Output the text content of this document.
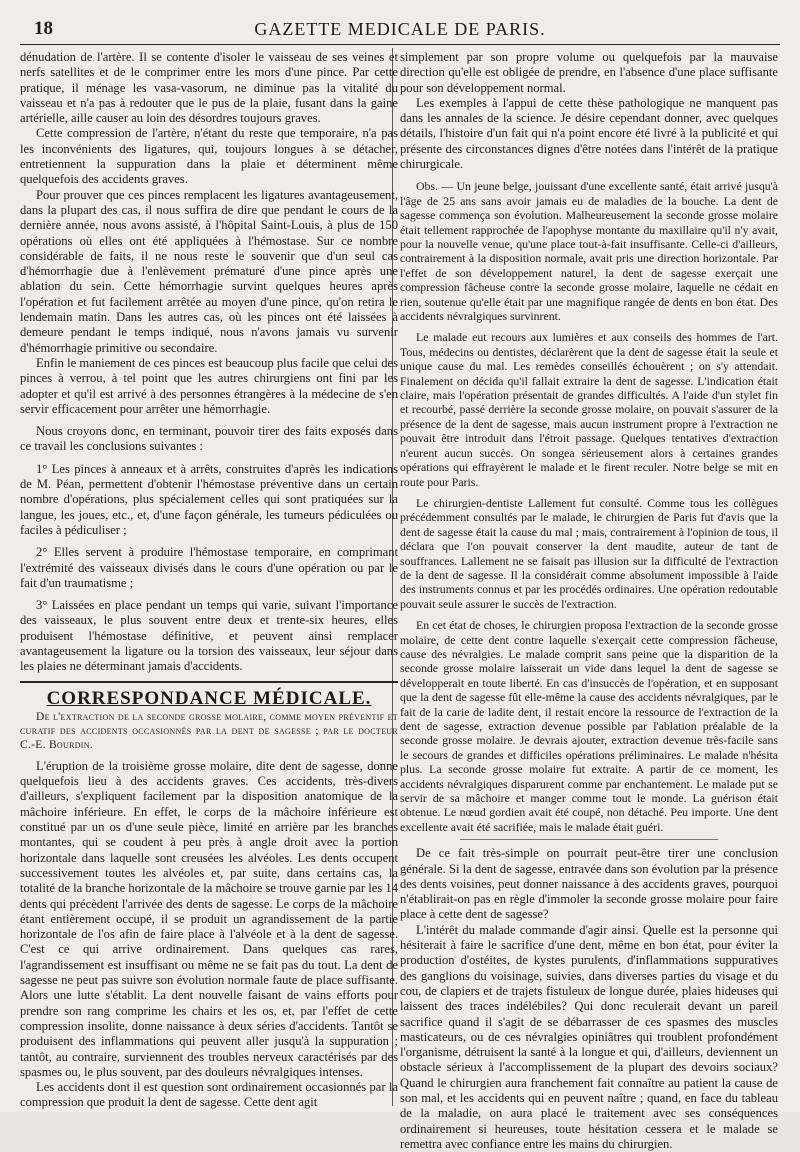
18	GAZETTE MEDICALE DE PARIS.

dénudation de l'artère. Il se contente d'isoler le vaisseau de ses veines et nerfs satellites et de le comprimer entre les mors d'une pince. Par cette pratique, il ménage les vasa-vasorum, ne diminue pas la vitalité du vaisseau et n'a pas à redouter que le pus de la plaie, fusant dans la gaine artérielle, aille causer au loin des désordres toujours graves.

Cette compression de l'artère, n'étant du reste que temporaire, n'a pas les inconvénients des ligatures, qui, toujours longues à se détacher, entretiennent la suppuration dans la plaie et déterminent même quelquefois des accidents graves.

Pour prouver que ces pinces remplacent les ligatures avantageusement, dans la plupart des cas, il nous suffira de dire que pendant le cours de la dernière année, nous avons assisté, à l'hôpital Saint-Louis, à plus de 150 opérations où elles ont été appliquées à l'hémostase. Sur ce nombre considérable de faits, il ne nous reste le souvenir que d'un seul cas d'hémorrhagie due à l'enlèvement prématuré d'une pince après une ablation du sein. Cette hémorrhagie survint quelques heures après l'opération et fut facilement arrêtée au moyen d'une pince, qu'on retira le lendemain matin. Dans les autres cas, où les pinces ont été laissées à demeure pendant le temps indiqué, nous n'avons jamais vu survenir d'hémorrhagie primitive ou secondaire.

Enfin le maniement de ces pinces est beaucoup plus facile que celui des pinces à verrou, à tel point que les autres chirurgiens ont fini par les adopter et qu'il est arrivé à des personnes étrangères à la médecine de s'en servir efficacement pour arrêter une hémorrhagie.

Nous croyons donc, en terminant, pouvoir tirer des faits exposés dans ce travail les conclusions suivantes :

1° Les pinces à anneaux et à arrêts, construites d'après les indications de M. Péan, permettent d'obtenir l'hémostase préventive dans un certain nombre d'opérations, plus spécialement celles qui sont pratiquées sur la langue, les joues, etc., et, d'une façon générale, les tumeurs pédiculées ou faciles à pédiculiser ;

2° Elles servent à produire l'hémostase temporaire, en comprimant l'extrémité des vaisseaux divisés dans le cours d'une opération ou par le fait d'un traumatisme ;

3° Laissées en place pendant un temps qui varie, suivant l'importance des vaisseaux, le plus souvent entre deux et trente-six heures, elles produisent l'hémostase définitive, et peuvent ainsi remplacer avantageusement la ligature ou la torsion des vaisseaux, leur séjour dans les plaies ne déterminant jamais d'accidents.

CORRESPONDANCE MÉDICALE.
De l'extraction de la seconde grosse molaire, comme moyen préventif et curatif des accidents occasionnés par la dent de sagesse ; par le docteur C.-E. Bourdin.

L'éruption de la troisième grosse molaire, dite dent de sagesse, donne quelquefois lieu à des accidents graves. Ces accidents, très-divers d'ailleurs, s'expliquent facilement par la disposition anatomique de la mâchoire inférieure. En effet, le corps de la mâchoire inférieure est constitué par un os d'une seule pièce, limité en arrière par les branches montantes, qui se coudent à peu près à angle droit avec la portion horizontale dans laquelle sont creusées les alvéoles. Les dents occupent successivement toutes les alvéoles et, par suite, dans certains cas, la totalité de la branche horizontale de la mâchoire se trouve garnie par les 14 dents qui précèdent l'arrivée des dents de sagesse. Le corps de la mâchoire étant entièrement occupé, il se produit un agrandissement de la partie horizontale de l'os afin de faire place à l'alvéole et à la dent de sagesse. C'est ce qui arrive ordinairement. Dans quelques cas rares, l'agrandissement est insuffisant ou même ne se fait pas du tout. La dent de sagesse ne peut pas suivre son évolution normale faute de place suffisante. Alors une lutte s'établit. La dent nouvelle faisant de vains efforts pour prendre son rang comprime les chairs et les os, et, par l'effet de cette compression insolite, donne naissance à deux séries d'accidents. Tantôt se produisent des inflammations qui peuvent aller jusqu'à la suppuration ; tantôt, au contraire, surviennent des troubles nerveux caractérisés par des spasmes ou, le plus souvent, par des douleurs névralgiques intenses.

Les accidents dont il est question sont ordinairement occasionnés par la compression que produit la dent de sagesse. Cette dent agit

simplement par son propre volume ou quelquefois par la mauvaise direction qu'elle est obligée de prendre, en l'absence d'une place suffisante pour son développement normal.

Les exemples à l'appui de cette thèse pathologique ne manquent pas dans les annales de la science. Je désire cependant donner, avec quelques détails, l'histoire d'un fait qui n'a point encore été livré à la publicité et qui présente des circonstances dignes d'être notées dans l'intérêt de la pratique chirurgicale.

Obs. — Un jeune belge, jouissant d'une excellente santé, était arrivé jusqu'à l'âge de 25 ans sans avoir jamais eu de maladies de la bouche. La dent de sagesse commença son évolution. Malheureusement la seconde grosse molaire était tellement rapprochée de l'apophyse montante du maxillaire qu'il n'y avait, pour la nouvelle venue, qu'une place tout-à-fait insuffisante. Celle-ci d'ailleurs, contrairement à la disposition normale, avait pris une direction horizontale. Par l'effet de son développement naturel, la dent de sagesse exerçait une compression fâcheuse contre la seconde grosse molaire, laquelle ne cédait en rien, soutenue qu'elle était par une magnifique rangée de dents en bon état. Des accidents névralgiques survinrent.

Le malade eut recours aux lumières et aux conseils des hommes de l'art. Tous, médecins ou dentistes, déclarèrent que la dent de sagesse était la seule et unique cause du mal. Les remèdes conseillés échouèrent ; on s'y attendait. Finalement on décida qu'il fallait extraire la dent de sagesse. L'indication était claire, mais l'opération présentait de grandes difficultés. A l'aide d'un stylet fin et recourbé, passé derrière la seconde grosse molaire, on pouvait s'assurer de la présence de la dent de sagesse, mais aucun instrument propre à l'extraction ne pouvait être introduit dans l'étroit passage. Quelques tentatives d'extraction n'eurent aucun succès. On songea sérieusement alors à certaines grandes opérations qui effrayèrent le malade et le firent reculer. Notre belge se mit en route pour Paris.

Le chirurgien-dentiste Lallement fut consulté. Comme tous les collègues précédemment consultés par le malade, le chirurgien de Paris fut d'avis que la dent de sagesse était la cause du mal ; mais, contrairement à l'opinion de tous, il déclara que l'on pouvait conserver la dent maudite, auteur de tant de souffrances. Lallement ne se faisait pas illusion sur la difficulté de l'extraction de la dent de sagesse. Il la considérait comme absolument impossible à l'aide des instruments connus et par les procédés ordinaires. Une opération redoutable pouvait seule assurer le succès de l'extraction.

En cet état de choses, le chirurgien proposa l'extraction de la seconde grosse molaire, de cette dent contre laquelle s'exerçait cette compression fâcheuse, cause des névralgies. Le malade comprit sans peine que la disparition de la seconde grosse molaire laisserait un vide dans lequel la dent de sagesse se développerait en toute liberté. En cas d'insuccès de l'opération, et en supposant que la dent de sagesse fût elle-même la cause des accidents névralgiques, par le fait de la carie de ladite dent, il restait encore la ressource de l'extraction de la dent de sagesse, extraction devenue possible par l'ablation préalable de la seconde grosse molaire. Je devrais ajouter, extraction devenue très-facile sans le secours de grandes et difficiles opérations préliminaires. Le malade n'hésita plus. La seconde grosse molaire fut extraite. A partir de ce moment, les accidents névralgiques disparurent comme par enchantement. Le malade put se servir de sa mâchoire et manger comme tout le monde. La guérison était obtenue. Le nœud gordien avait été coupé, non détaché. Peu importe. Une dent excellente avait été sacrifiée, mais le malade était guéri.

De ce fait très-simple on pourrait peut-être tirer une conclusion générale. Si la dent de sagesse, entravée dans son évolution par la présence des dents voisines, peut donner naissance à des accidents graves, pourquoi n'établirait-on pas en règle d'immoler la seconde grosse molaire pour faire place à cette dent de sagesse?

L'intérêt du malade commande d'agir ainsi. Quelle est la personne qui hésiterait à faire le sacrifice d'une dent, même en bon état, pour éviter la production d'ostéites, de kystes purulents, d'inflammations suppuratives des ganglions du voisinage, suivies, dans diverses parties du visage et du cou, de clapiers et de trajets fistuleux de longue durée, plaies hideuses qui laissent des traces indélébiles? Qui donc reculerait devant un pareil sacrifice quand il s'agit de se débarrasser de ces spasmes des muscles masticateurs, ou de ces névralgies opiniâtres qui troublent profondément l'organisme, détruisent la santé à la longue et qui, d'ailleurs, deviennent un obstacle sérieux à l'accomplissement de la plupart des devoirs sociaux? Quand le chirurgien aura franchement fait connaître au patient la cause de son mal, et les accidents qui en peuvent naître ; quand, en face du tableau de la maladie, on aura placé le traitement avec ses conséquences ordinairement si heureuses, toute hésitation cessera et le malade se remettra avec confiance entre les mains du chirurgien.
